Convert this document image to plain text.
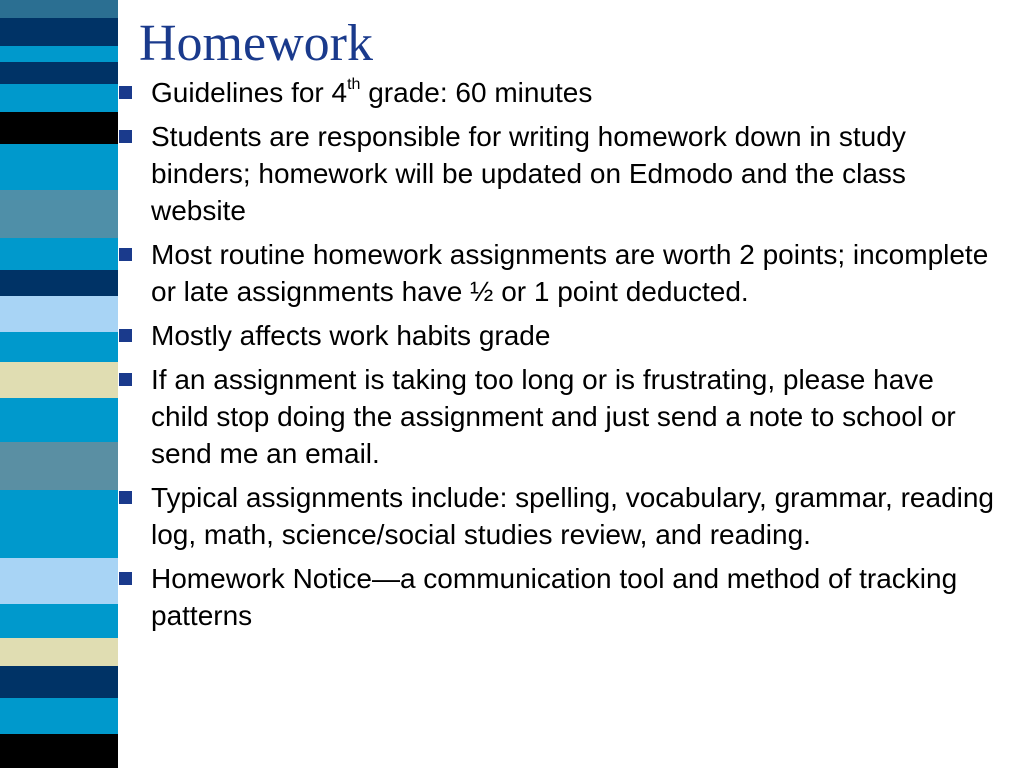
Homework
Guidelines for 4th grade: 60 minutes
Students are responsible for writing homework down in study binders; homework will be updated on Edmodo and the class website
Most routine homework assignments are worth 2 points; incomplete or late assignments have ½ or 1 point deducted.
Mostly affects work habits grade
If an assignment is taking too long or is frustrating, please have child stop doing the assignment and just send a note to school or send me an email.
Typical assignments include: spelling, vocabulary, grammar, reading log, math, science/social studies review, and reading.
Homework Notice—a communication tool and method of tracking patterns
